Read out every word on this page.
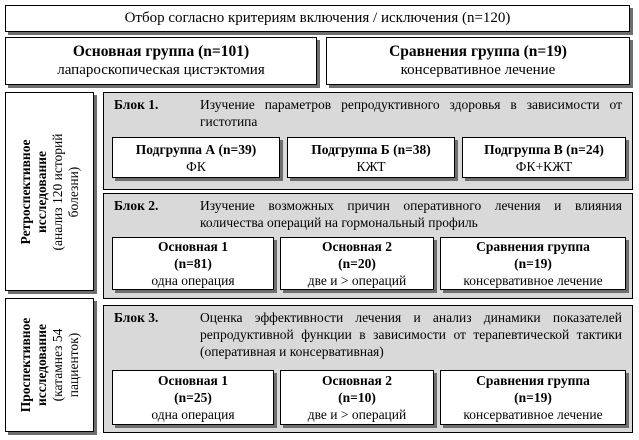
Отбор согласно критериям включения / исключения (n=120)
Основная группа (n=101)
лапароскопическая цистэктомия
Сравнения группа (n=19)
консервативное лечение
Ретроспективное исследование (анализ 120 историй болезни)
Проспективное исследование (катамнез 54 пациенток)
Блок 1.	Изучение параметров репродуктивного здоровья в зависимости от гистотипа
Подгруппа А (n=39)
ФК
Подгруппа Б (n=38)
КЖТ
Подгруппа В (n=24)
ФК+КЖТ
Блок 2.	Изучение возможных причин оперативного лечения и влияния количества операций на гормональный профиль
Основная 1
(n=81)
одна операция
Основная 2
(n=20)
две и > операций
Сравнения группа
(n=19)
консервативное лечение
Блок 3.	Оценка эффективности лечения и анализ динамики показателей репродуктивной функции в зависимости от терапевтической тактики (оперативная и консервативная)
Основная 1
(n=25)
одна операция
Основная 2
(n=10)
две и > операций
Сравнения группа
(n=19)
консервативное лечение
